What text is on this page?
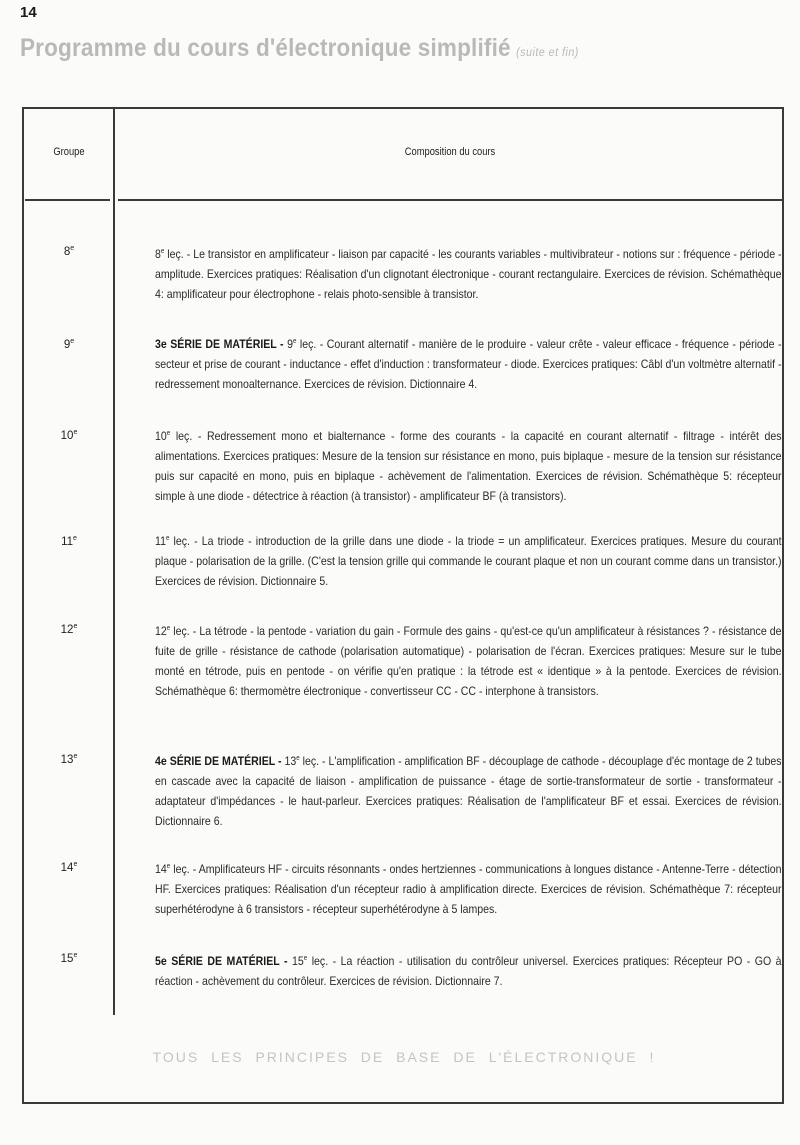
14
Programme du cours d'électronique simplifié (suite et fin)
Groupe	Composition du cours
8e	8e leç. - Le transistor en amplificateur - liaison par capacité - les courants variables - multivibrateur - notions sur : fréquence - période - amplitude. Exercices pratiques: Réalisation d'un clignotant électronique - courant rectangulaire. Exercices de révision. Schémathèque 4: amplificateur pour électrophone - relais photo-sensible à transistor.
9e	3e SÉRIE DE MATÉRIEL - 9e leç. - Courant alternatif - manière de le produire - valeur crête - valeur efficace - fréquence - période - secteur et prise de courant - inductance - effet d'induction : transformateur - diode. Exercices pratiques: Câbl d'un voltmètre alternatif - redressement monoalternance. Exercices de révision. Dictionnaire 4.
10e	10e leç. - Redressement mono et bialternance - forme des courants - la capacité en courant alternatif - filtrage - intérêt des alimentations. Exercices pratiques: Mesure de la tension sur résistance en mono, puis biplaque - mesure de la tension sur résistance puis sur capacité en mono, puis en biplaque - achèvement de l'alimentation. Exercices de révision. Schémathèque 5: récepteur simple à une diode - détectrice à réaction (à transistor) - amplificateur BF (à transistors).
11e	11e leç. - La triode - introduction de la grille dans une diode - la triode = un amplificateur. Exercices pratiques. Mesure du courant plaque - polarisation de la grille. (C'est la tension grille qui commande le courant plaque et non un courant comme dans un transistor.) Exercices de révision. Dictionnaire 5.
12e	12e leç. - La tétrode - la pentode - variation du gain - Formule des gains - qu'est-ce qu'un amplificateur à résistances ? - résistance de fuite de grille - résistance de cathode (polarisation automatique) - polarisation de l'écran. Exercices pratiques: Mesure sur le tube monté en tétrode, puis en pentode - on vérifie qu'en pratique : la tétrode est « identique » à la pentode. Exercices de révision. Schémathèque 6: thermomètre électronique - convertisseur CC - CC - interphone à transistors.
13e	4e SÉRIE DE MATÉRIEL - 13e leç. - L'amplification - amplification BF - découplage de cathode - découplage d'éc montage de 2 tubes en cascade avec la capacité de liaison - amplification de puissance - étage de sortie-transformateur de sortie - transformateur - adaptateur d'impédances - le haut-parleur. Exercices pratiques: Réalisation de l'amplificateur BF et essai. Exercices de révision. Dictionnaire 6.
14e	14e leç. - Amplificateurs HF - circuits résonnants - ondes hertziennes - communications à longues distance - Antenne-Terre - détection HF. Exercices pratiques: Réalisation d'un récepteur radio à amplification directe. Exercices de révision. Schémathèque 7: récepteur superhétérodyne à 6 transistors - récepteur superhétérodyne à 5 lampes.
15e	5e SÉRIE DE MATÉRIEL - 15e leç. - La réaction - utilisation du contrôleur universel. Exercices pratiques: Récepteur PO - GO à réaction - achèvement du contrôleur. Exercices de révision. Dictionnaire 7.
TOUS LES PRINCIPES DE BASE DE L'ÉLECTRONIQUE !
